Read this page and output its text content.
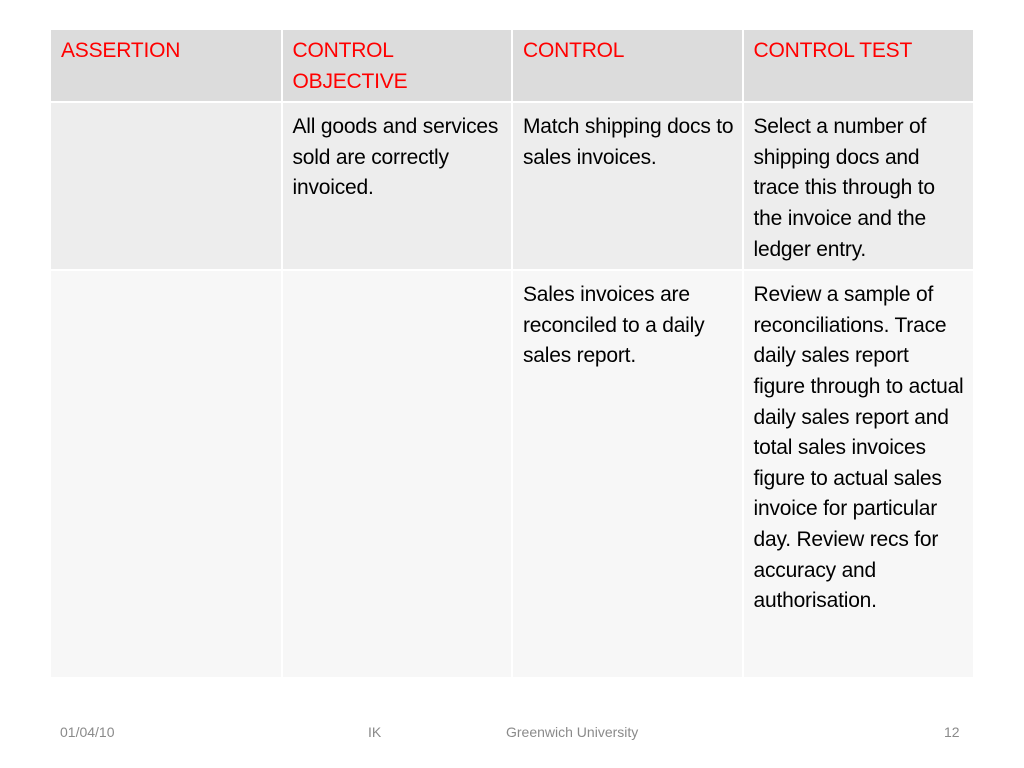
ASSERTION	CONTROL OBJECTIVE	CONTROL	CONTROL TEST
	All goods and services sold are correctly invoiced.	Match shipping docs to sales invoices.	Select a number of shipping docs and trace this through to the invoice and the ledger entry.
		Sales invoices are reconciled to a daily sales report.	Review a sample of reconciliations. Trace daily sales report figure through to actual daily sales report and total sales invoices figure to actual sales invoice for particular day. Review recs for accuracy and authorisation.
01/04/10	IK	Greenwich University	12
